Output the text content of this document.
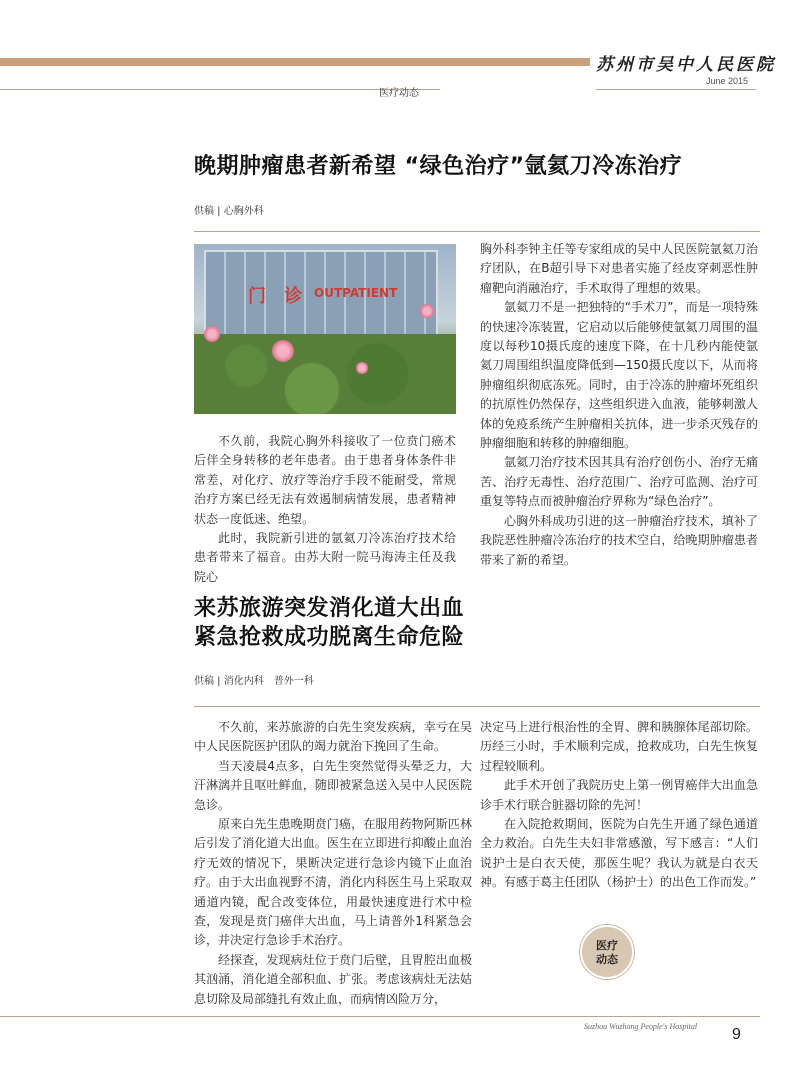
苏州市吴中人民医院
June 2015
医疗动态
晚期肿瘤患者新希望 “绿色治疗”氩氦刀冷冻治疗
供稿 | 心胸外科
门 诊 OUTPATIENT

不久前，我院心胸外科接收了一位贲门癌术后伴全身转移的老年患者。由于患者身体条件非常差，对化疗、放疗等治疗手段不能耐受，常规治疗方案已经无法有效遏制病情发展，患者精神状态一度低迷、绝望。

此时，我院新引进的氩氦刀冷冻治疗技术给患者带来了福音。由苏大附一院马海涛主任及我院心

胸外科李钟主任等专家组成的吴中人民医院氩氦刀治疗团队，在B超引导下对患者实施了经皮穿刺恶性肿瘤靶向消融治疗，手术取得了理想的效果。

氩氦刀不是一把独特的“手术刀”，而是一项特殊的快速冷冻装置，它启动以后能够使氩氦刀周围的温度以每秒10摄氏度的速度下降，在十几秒内能使氩氦刀周围组织温度降低到—150摄氏度以下，从而将肿瘤组织彻底冻死。同时，由于冷冻的肿瘤坏死组织的抗原性仍然保存，这些组织进入血液，能够刺激人体的免疫系统产生肿瘤相关抗体，进一步杀灭残存的肿瘤细胞和转移的肿瘤细胞。

氩氦刀治疗技术因其具有治疗创伤小、治疗无痛苦、治疗无毒性、治疗范围广、治疗可监测、治疗可重复等特点而被肿瘤治疗界称为“绿色治疗”。

心胸外科成功引进的这一肿瘤治疗技术，填补了我院恶性肿瘤冷冻治疗的技术空白，给晚期肿瘤患者带来了新的希望。

来苏旅游突发消化道大出血
紧急抢救成功脱离生命危险
供稿 | 消化内科　普外一科

不久前，来苏旅游的白先生突发疾病，幸亏在吴中人民医院医护团队的竭力就治下挽回了生命。

当天凌晨4点多，白先生突然觉得头晕乏力，大汗淋漓并且呕吐鲜血，随即被紧急送入吴中人民医院急诊。

原来白先生患晚期贲门癌，在服用药物阿斯匹林后引发了消化道大出血。医生在立即进行抑酸止血治疗无效的情况下，果断决定进行急诊内镜下止血治疗。由于大出血视野不清，消化内科医生马上采取双通道内镜，配合改变体位，用最快速度进行术中检查，发现是贲门癌伴大出血，马上请普外1科紧急会诊，并决定行急诊手术治疗。

经探查，发现病灶位于贲门后壁，且胃腔出血极其汹涌，消化道全部积血、扩张。考虑该病灶无法姑息切除及局部缝扎有效止血，而病情凶险万分，

决定马上进行根治性的全胃、脾和胰腺体尾部切除。历经三小时，手术顺利完成，抢救成功，白先生恢复过程较顺利。

此手术开创了我院历史上第一例胃癌伴大出血急诊手术行联合脏器切除的先河！

在入院抢救期间，医院为白先生开通了绿色通道全力救治。白先生夫妇非常感激，写下感言：“人们说护士是白衣天使，那医生呢？我认为就是白衣天神。有感于葛主任团队（杨护士）的出色工作而发。”

医疗
动态
Suzhou Wuzhong People's Hospital 9
